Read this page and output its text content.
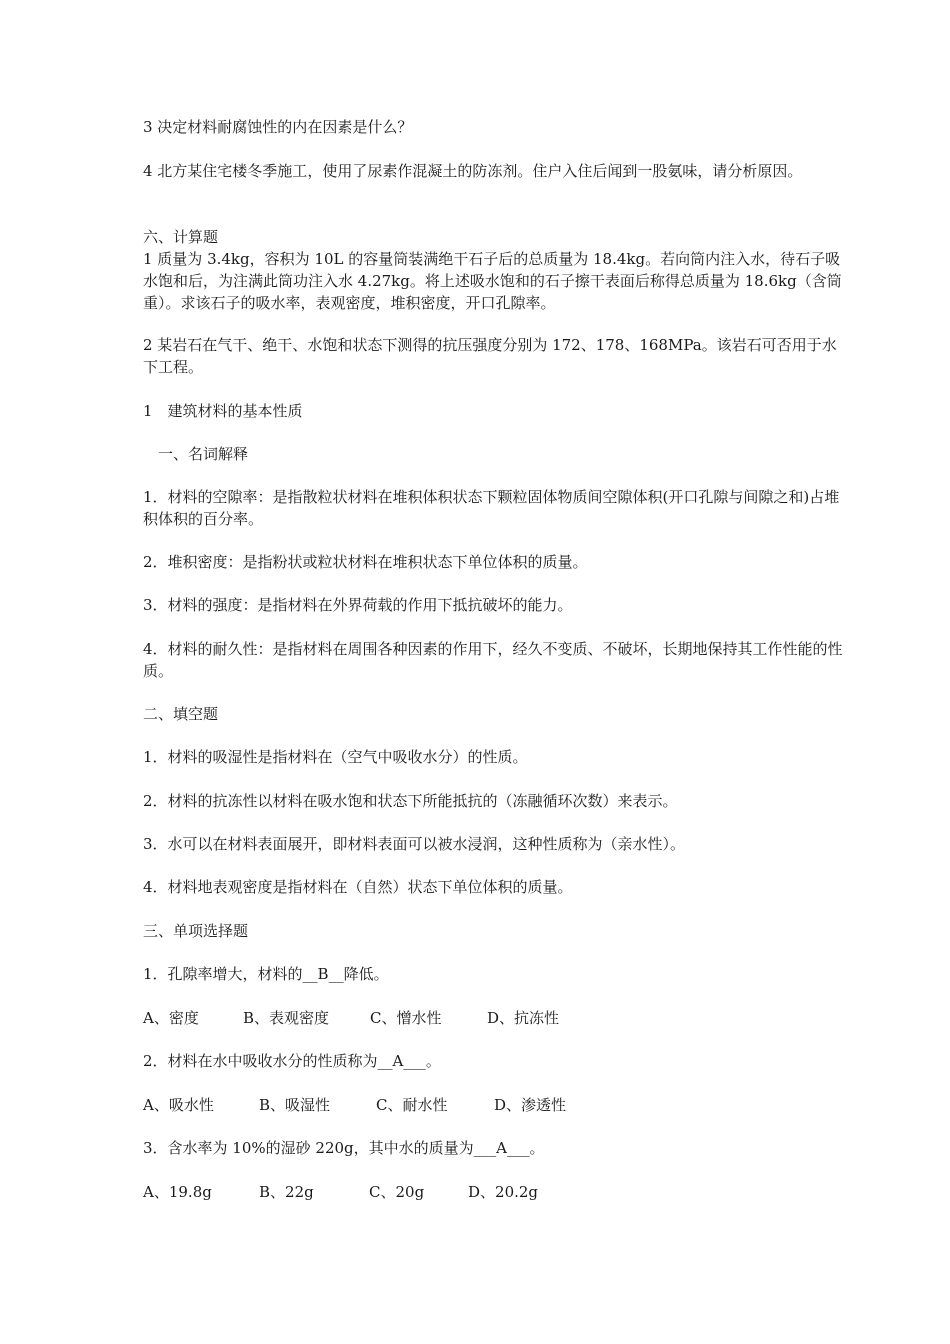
3 决定材料耐腐蚀性的内在因素是什么？

4 北方某住宅楼冬季施工，使用了尿素作混凝土的防冻剂。住户入住后闻到一股氨味，请分析原因。

六、计算题

1 质量为 3.4kg，容积为 10L 的容量筒装满绝干石子后的总质量为 18.4kg。若向筒内注入水，待石子吸水饱和后，为注满此筒功注入水 4.27kg。将上述吸水饱和的石子擦干表面后称得总质量为 18.6kg（含筒重）。求该石子的吸水率，表观密度，堆积密度，开口孔隙率。

2 某岩石在气干、绝干、水饱和状态下测得的抗压强度分别为 172、178、168MPa。该岩石可否用于水下工程。

1　建筑材料的基本性质

一、名词解释

1．材料的空隙率：是指散粒状材料在堆积体积状态下颗粒固体物质间空隙体积(开口孔隙与间隙之和)占堆积体积的百分率。

2．堆积密度：是指粉状或粒状材料在堆积状态下单位体积的质量。

3．材料的强度：是指材料在外界荷载的作用下抵抗破坏的能力。

4．材料的耐久性：是指材料在周围各种因素的作用下，经久不变质、不破坏，长期地保持其工作性能的性质。

二、填空题

1．材料的吸湿性是指材料在（空气中吸收水分）的性质。

2．材料的抗冻性以材料在吸水饱和状态下所能抵抗的（冻融循环次数）来表示。

3．水可以在材料表面展开，即材料表面可以被水浸润，这种性质称为（亲水性）。

4．材料地表观密度是指材料在（自然）状态下单位体积的质量。

三、单项选择题

1．孔隙率增大，材料的__B__降低。

A、密度	B、表观密度	C、憎水性	D、抗冻性

2．材料在水中吸收水分的性质称为__A___。

A、吸水性	B、吸湿性	C、耐水性	D、渗透性

3．含水率为 10%的湿砂 220g，其中水的质量为___A___。

A、19.8g	B、22g	C、20g	D、20.2g
